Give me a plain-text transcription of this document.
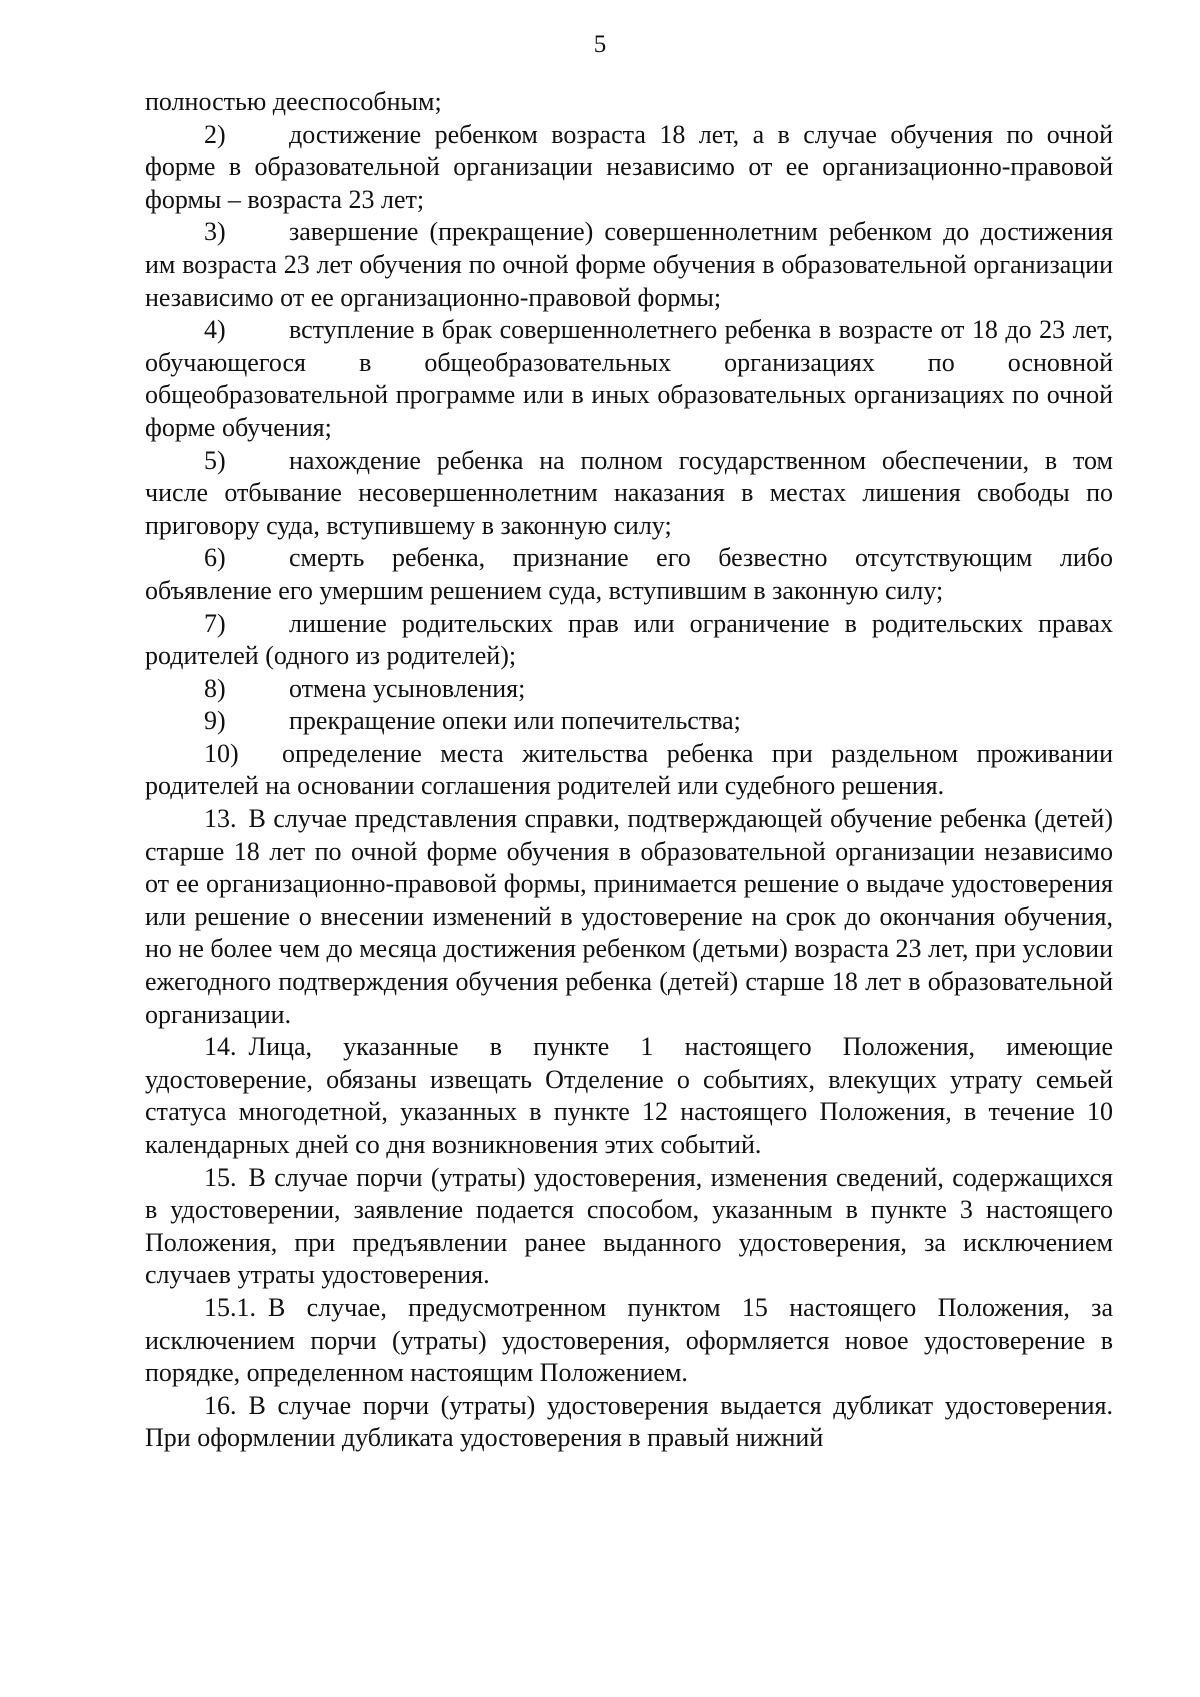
5

полностью дееспособным;

2) достижение ребенком возраста 18 лет, а в случае обучения по очной форме в образовательной организации независимо от ее организационно-правовой формы – возраста 23 лет;

3) завершение (прекращение) совершеннолетним ребенком до достижения им возраста 23 лет обучения по очной форме обучения в образовательной организации независимо от ее организационно-правовой формы;

4) вступление в брак совершеннолетнего ребенка в возрасте от 18 до 23 лет, обучающегося в общеобразовательных организациях по основной общеобразовательной программе или в иных образовательных организациях по очной форме обучения;

5) нахождение ребенка на полном государственном обеспечении, в том числе отбывание несовершеннолетним наказания в местах лишения свободы по приговору суда, вступившему в законную силу;

6) смерть ребенка, признание его безвестно отсутствующим либо объявление его умершим решением суда, вступившим в законную силу;

7) лишение родительских прав или ограничение в родительских правах родителей (одного из родителей);

8) отмена усыновления;

9) прекращение опеки или попечительства;

10) определение места жительства ребенка при раздельном проживании родителей на основании соглашения родителей или судебного решения.

13. В случае представления справки, подтверждающей обучение ребенка (детей) старше 18 лет по очной форме обучения в образовательной организации независимо от ее организационно-правовой формы, принимается решение о выдаче удостоверения или решение о внесении изменений в удостоверение на срок до окончания обучения, но не более чем до месяца достижения ребенком (детьми) возраста 23 лет, при условии ежегодного подтверждения обучения ребенка (детей) старше 18 лет в образовательной организации.

14. Лица, указанные в пункте 1 настоящего Положения, имеющие удостоверение, обязаны извещать Отделение о событиях, влекущих утрату семьей статуса многодетной, указанных в пункте 12 настоящего Положения, в течение 10 календарных дней со дня возникновения этих событий.

15. В случае порчи (утраты) удостоверения, изменения сведений, содержащихся в удостоверении, заявление подается способом, указанным в пункте 3 настоящего Положения, при предъявлении ранее выданного удостоверения, за исключением случаев утраты удостоверения.

15.1. В случае, предусмотренном пунктом 15 настоящего Положения, за исключением порчи (утраты) удостоверения, оформляется новое удостоверение в порядке, определенном настоящим Положением.

16. В случае порчи (утраты) удостоверения выдается дубликат удостоверения. При оформлении дубликата удостоверения в правый нижний
